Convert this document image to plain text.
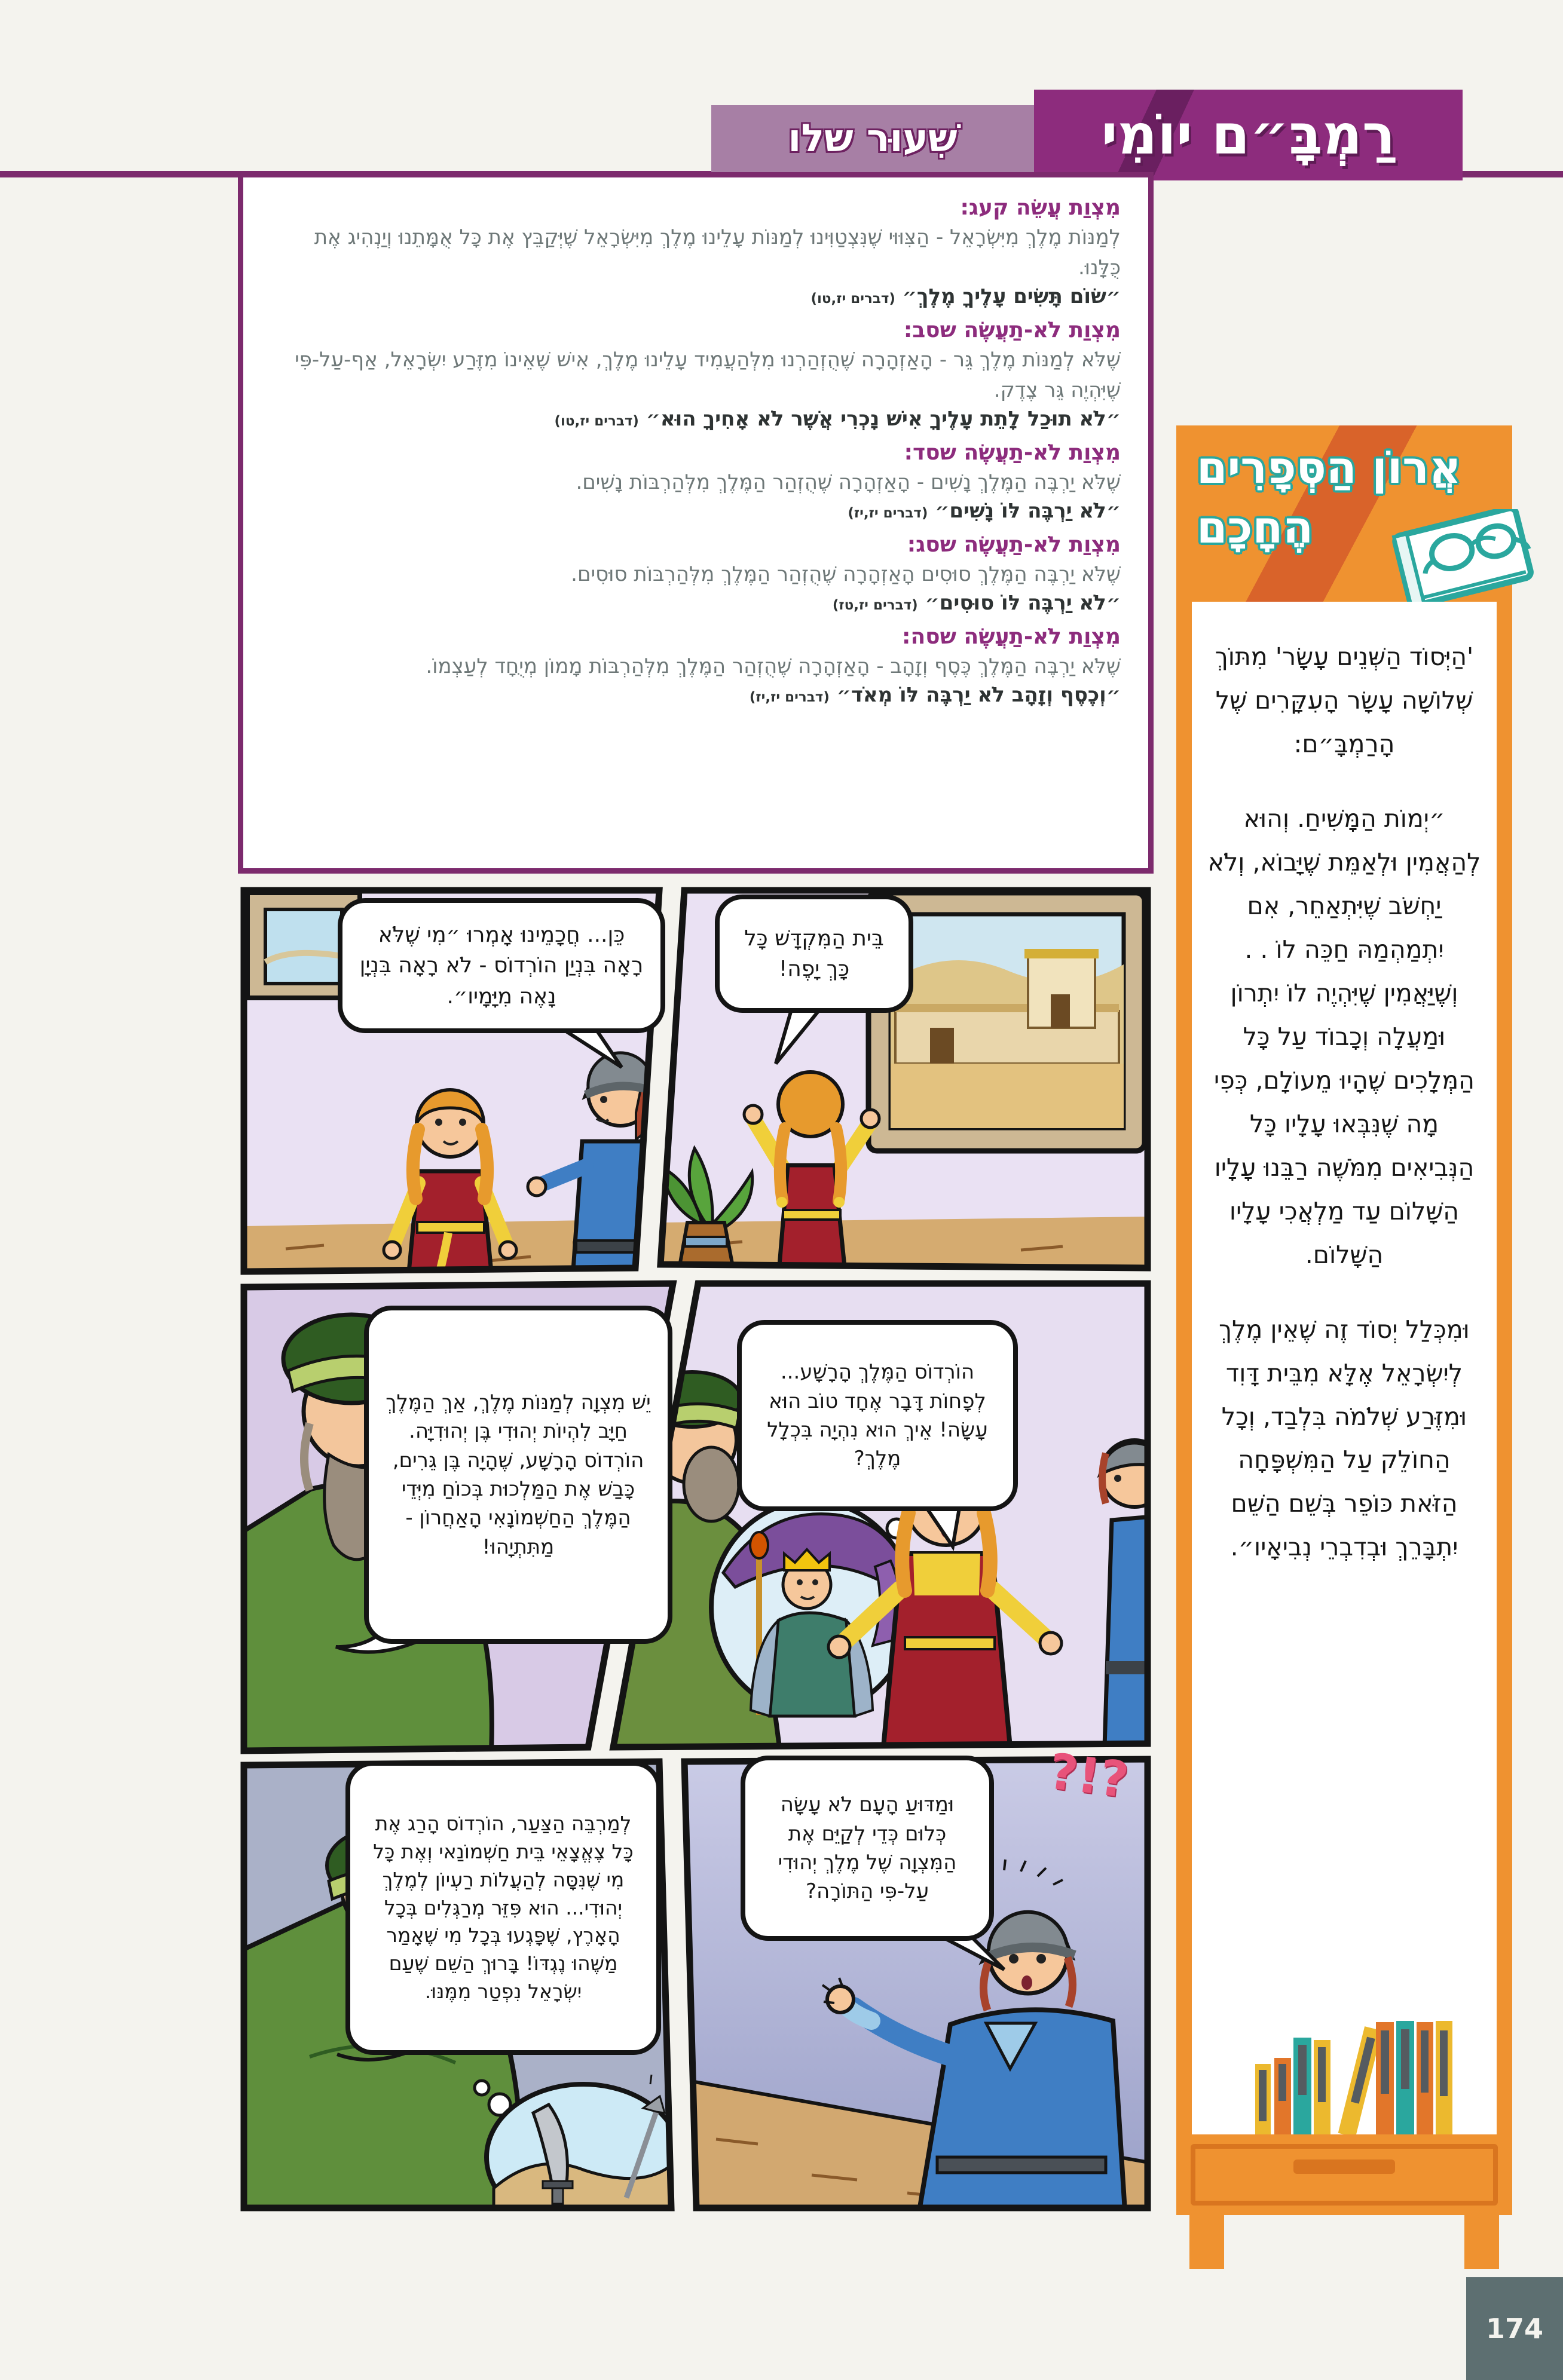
שִׁעוּר שלו	רַמְבָּ״ם יוֹמִי
מִצְוַת עֲשֵׂה קעג:

לְמַנּוֹת מֶלֶךְ מִיִּשְׂרָאֵל - הַצִּוּוּי שֶׁנִּצְטַוִּינוּ לְמַנּוֹת עָלֵינוּ מֶלֶךְ מִיִּשְׂרָאֵל שֶׁיְּקַבֵּץ אֶת כָּל אֻמָּתֵנוּ וְיַנְהִיג אֶת כֻּלָּנוּ.

״שׂוֹם תָּשִׂים עָלֶיךָ מֶלֶךְ״ (דברים יז,טו)

מִצְוַת לֹא-תַעֲשֶׂה שסב:

שֶׁלֹּא לְמַנּוֹת מֶלֶךְ גֵּר - הָאַזְהָרָה שֶׁהֻזְהַרְנוּ מִלְּהַעֲמִיד עָלֵינוּ מֶלֶךְ, אִישׁ שֶׁאֵינוֹ מִזֶּרַע יִשְׂרָאֵל, אַף-עַל-פִּי שֶׁיִּהְיֶה גֵּר צֶדֶק.

״לֹא תוּכַל לָתֵת עָלֶיךָ אִישׁ נָכְרִי אֲשֶׁר לֹא אָחִיךָ הוּא״ (דברים יז,טו)

מִצְוַת לֹא-תַעֲשֶׂה שסד:

שֶׁלֹּא יַרְבֶּה הַמֶּלֶךְ נָשִׁים - הָאַזְהָרָה שֶׁהֻזְהַר הַמֶּלֶךְ מִלְּהַרְבּוֹת נָשִׁים.

״לֹא יַרְבֶּה לּוֹ נָשִׁים״ (דברים יז,יז)

מִצְוַת לֹא-תַעֲשֶׂה שסג:

שֶׁלֹּא יַרְבֶּה הַמֶּלֶךְ סוּסִים הָאַזְהָרָה שֶׁהֻזְהַר הַמֶּלֶךְ מִלְּהַרְבּוֹת סוּסִים.

״לֹא יַרְבֶּה לּוֹ סוּסִים״ (דברים יז,טז)

מִצְוַת לֹא-תַעֲשֶׂה שסה:

שֶׁלֹּא יַרְבֶּה הַמֶּלֶךְ כֶּסֶף וְזָהָב - הָאַזְהָרָה שֶׁהֻזְהַר הַמֶּלֶךְ מִלְּהַרְבּוֹת מָמוֹן מְיֻחָד לְעַצְמוֹ.

״וְכֶסֶף וְזָהָב לֹא יַרְבֶּה לּוֹ מְאֹד״ (דברים יז,יז)

אֲרוֹן הַסְּפָרִים
הֶחָכָם

'הַיְּסוֹד הַשְּׁנֵים עָשָׂר' מִתּוֹךְ שְׁלוֹשָׁה עָשָׂר הָעִקָּרִים שֶׁל הָרַמְבָּ״ם:

״יְמוֹת הַמָּשִׁיחַ. וְהוּא לְהַאֲמִין וּלְאַמֵּת שֶׁיָּבוֹא, וְלֹא יַחְשֹׁב שֶׁיִּתְאַחֵר, אִם יִתְמַהְמַהּ חַכֵּה לוֹ . . וְשֶׁיַּאֲמִין שֶׁיִּהְיֶה לוֹ יִתְרוֹן וּמַעֲלָה וְכָבוֹד עַל כָּל הַמְּלָכִים שֶׁהָיוּ מֵעוֹלָם, כְּפִי מָה שֶׁנִּבְּאוּ עָלָיו כָּל הַנְּבִיאִים מִמֹּשֶׁה רַבֵּנוּ עָלָיו הַשָּׁלוֹם עַד מַלְאֲכִי עָלָיו הַשָּׁלוֹם.

וּמִכְּלַל יְסוֹד זֶה שֶׁאֵין מֶלֶךְ לְיִשְׂרָאֵל אֶלָּא מִבֵּית דָּוִד וּמִזֶּרַע שְׁלֹמֹה בִּלְבַד, וְכָל הַחוֹלֵק עַל הַמִּשְׁפָּחָה הַזֹּאת כּוֹפֵר בְּשֵׁם הַשֵּׁם יִתְבָּרֵךְ וּבְדִבְרֵי נְבִיאָיו״.

בֵּית הַמִּקְדָּשׁ כָּל כָּךְ יָפֶה!
כֵּן... חֲכָמֵינוּ אָמְרוּ ״מִי שֶׁלֹּא רָאָה בִּנְיַן הוֹרְדוֹס - לֹא רָאָה בִּנְיָן נָאֶה מִיָּמָיו״.
הוֹרְדוֹס הַמֶּלֶךְ הָרָשָׁע... לְפָחוֹת דָּבָר אֶחָד טוֹב הוּא עָשָׂה! אֵיךְ הוּא נִהְיָה בִּכְלָל מֶלֶךְ?
יֵשׁ מִצְוָה לְמַנּוֹת מֶלֶךְ, אַךְ הַמֶּלֶךְ חַיָּב לִהְיוֹת יְהוּדִי בֶּן יְהוּדִיָּה. הוֹרְדוֹס הָרָשָׁע, שֶׁהָיָה בֶּן גֵּרִים, כָּבַשׁ אֶת הַמַּלְכוּת בְּכוֹחַ מִיְּדֵי הַמֶּלֶךְ הַחַשְׁמוֹנָאִי הָאַחֲרוֹן - מַתִּתְיָהוּ!
וּמַדּוּעַ הָעָם לֹא עָשָׂה כְּלוּם כְּדֵי לְקַיֵּם אֶת הַמִּצְוָה שֶׁל מֶלֶךְ יְהוּדִי עַל-פִּי הַתּוֹרָה?
לְמַרְבֵּה הַצַּעַר, הוֹרְדוֹס הָרַג אֶת כָּל צֶאֱצָאֵי בֵּית חַשְׁמוֹנַאי וְאֶת כָּל מִי שֶׁנִּסָּה לְהַעֲלוֹת רַעְיוֹן לְמֶלֶךְ יְהוּדִי... הוּא פִּזֵּר מְרַגְּלִים בְּכָל הָאָרֶץ, שֶׁפָּגְעוּ בְּכָל מִי שֶׁאָמַר מַשֶּׁהוּ נֶגְדּוֹ! בָּרוּךְ הַשֵּׁם שֶׁעַם יִשְׂרָאֵל נִפְטַר מִמֶּנּוּ.
?!?
174
